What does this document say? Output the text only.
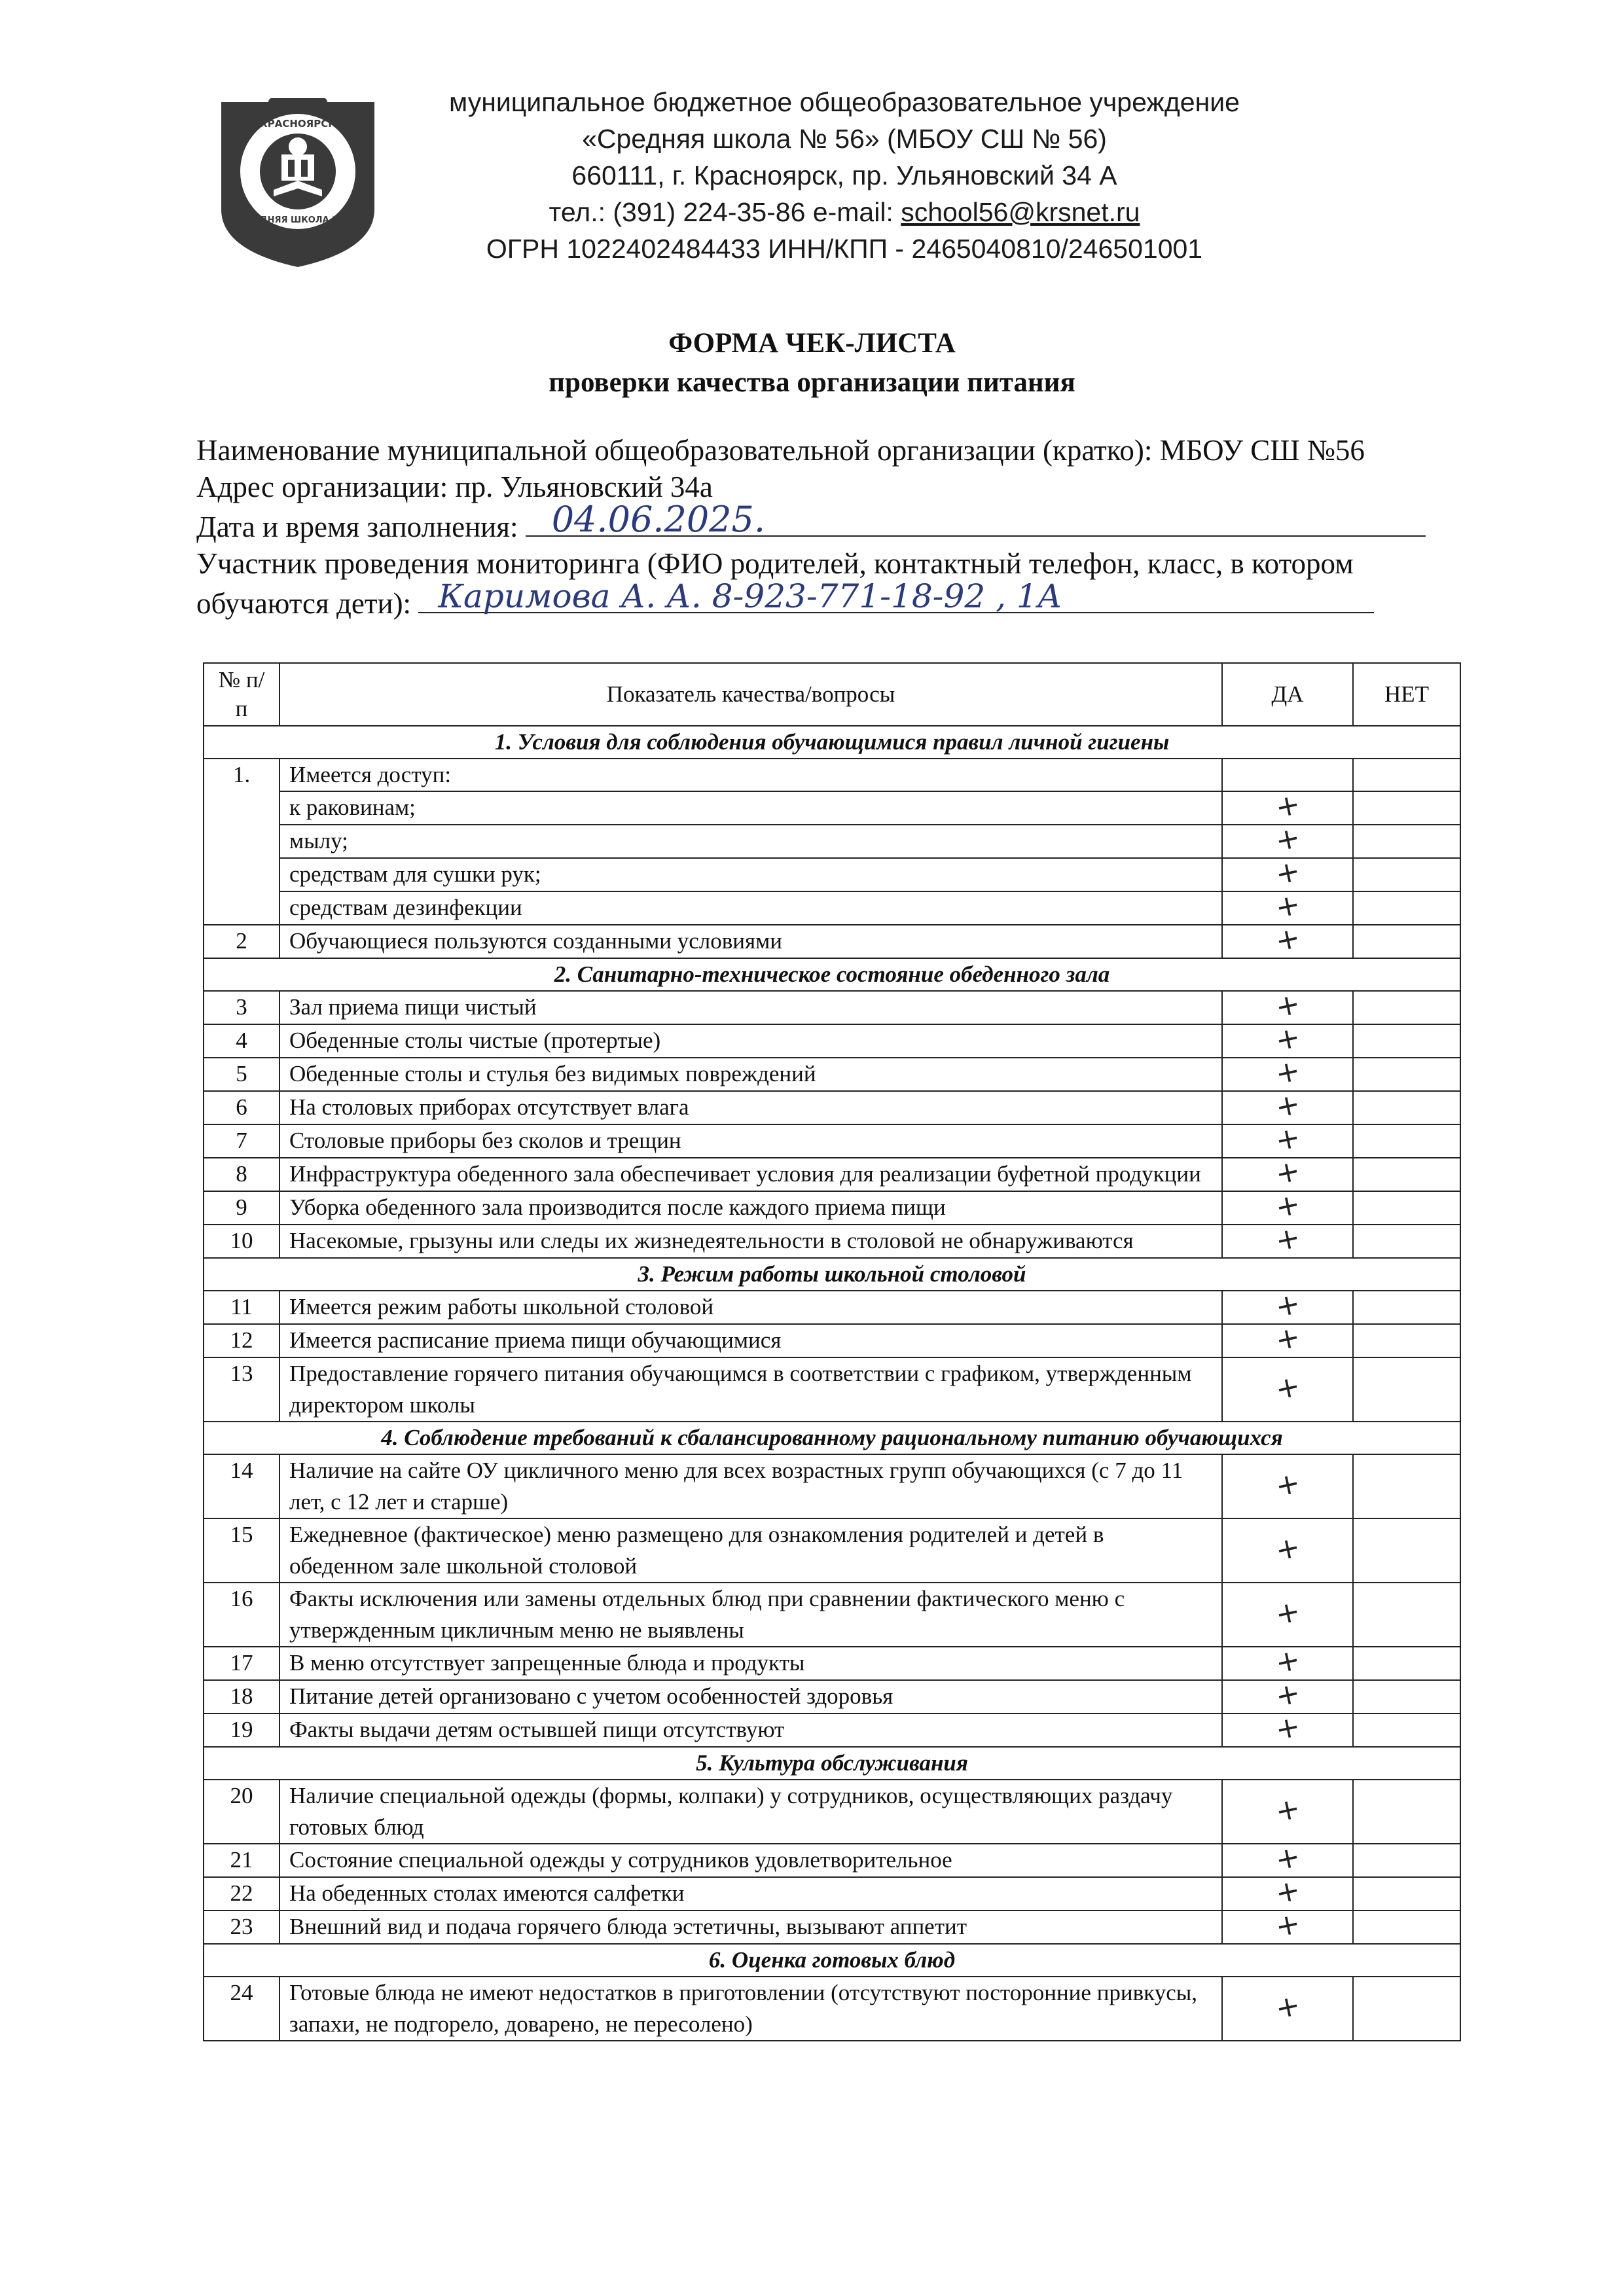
КРАСНОЯРСК
СРЕДНЯЯ ШКОЛА №56
муниципальное бюджетное общеобразовательное учреждение
«Средняя школа № 56» (МБОУ СШ № 56)
660111, г. Красноярск, пр. Ульяновский 34 А
тел.: (391) 224-35-86 e-mail: school56@krsnet.ru
ОГРН 1022402484433 ИНН/КПП - 2465040810/246501001
ФОРМА ЧЕК-ЛИСТА
проверки качества организации питания
Наименование муниципальной общеобразовательной организации (кратко): МБОУ СШ №56
Адрес организации: пр. Ульяновский 34а
Дата и время заполнения: 04.06.2025.
Участник проведения мониторинга (ФИО родителей, контактный телефон, класс, в котором
обучаются дети): Каримова А. А. 8-923-771-18-92 , 1А
№ п/п	Показатель качества/вопросы	ДА	НЕТ
1. Условия для соблюдения обучающимися правил личной гигиены			
1.	Имеется доступ:		
	к раковинам;	+	
	мылу;	+	
	средствам для сушки рук;	+	
	средствам дезинфекции	+	
2	Обучающиеся пользуются созданными условиями	+	
2. Санитарно-техническое состояние обеденного зала			
3	Зал приема пищи чистый	+	
4	Обеденные столы чистые (протертые)	+	
5	Обеденные столы и стулья без видимых повреждений	+	
6	На столовых приборах отсутствует влага	+	
7	Столовые приборы без сколов и трещин	+	
8	Инфраструктура обеденного зала обеспечивает условия для реализации буфетной продукции	+	
9	Уборка обеденного зала производится после каждого приема пищи	+	
10	Насекомые, грызуны или следы их жизнедеятельности в столовой не обнаруживаются	+	
3. Режим работы школьной столовой			
11	Имеется режим работы школьной столовой	+	
12	Имеется расписание приема пищи обучающимися	+	
13	Предоставление горячего питания обучающимся в соответствии с графиком, утвержденным директором школы	+	
4. Соблюдение требований к сбалансированному рациональному питанию обучающихся			
14	Наличие на сайте ОУ цикличного меню для всех возрастных групп обучающихся (с 7 до 11 лет, с 12 лет и старше)	+	
15	Ежедневное (фактическое) меню размещено для ознакомления родителей и детей в обеденном зале школьной столовой	+	
16	Факты исключения или замены отдельных блюд при сравнении фактического меню с утвержденным цикличным меню не выявлены	+	
17	В меню отсутствует запрещенные блюда и продукты	+	
18	Питание детей организовано с учетом особенностей здоровья	+	
19	Факты выдачи детям остывшей пищи отсутствуют	+	
5. Культура обслуживания			
20	Наличие специальной одежды (формы, колпаки) у сотрудников, осуществляющих раздачу готовых блюд	+	
21	Состояние специальной одежды у сотрудников удовлетворительное	+	
22	На обеденных столах имеются салфетки	+	
23	Внешний вид и подача горячего блюда эстетичны, вызывают аппетит	+	
6. Оценка готовых блюд			
24	Готовые блюда не имеют недостатков в приготовлении (отсутствуют посторонние привкусы, запахи, не подгорело, доварено, не пересолено)	+	
